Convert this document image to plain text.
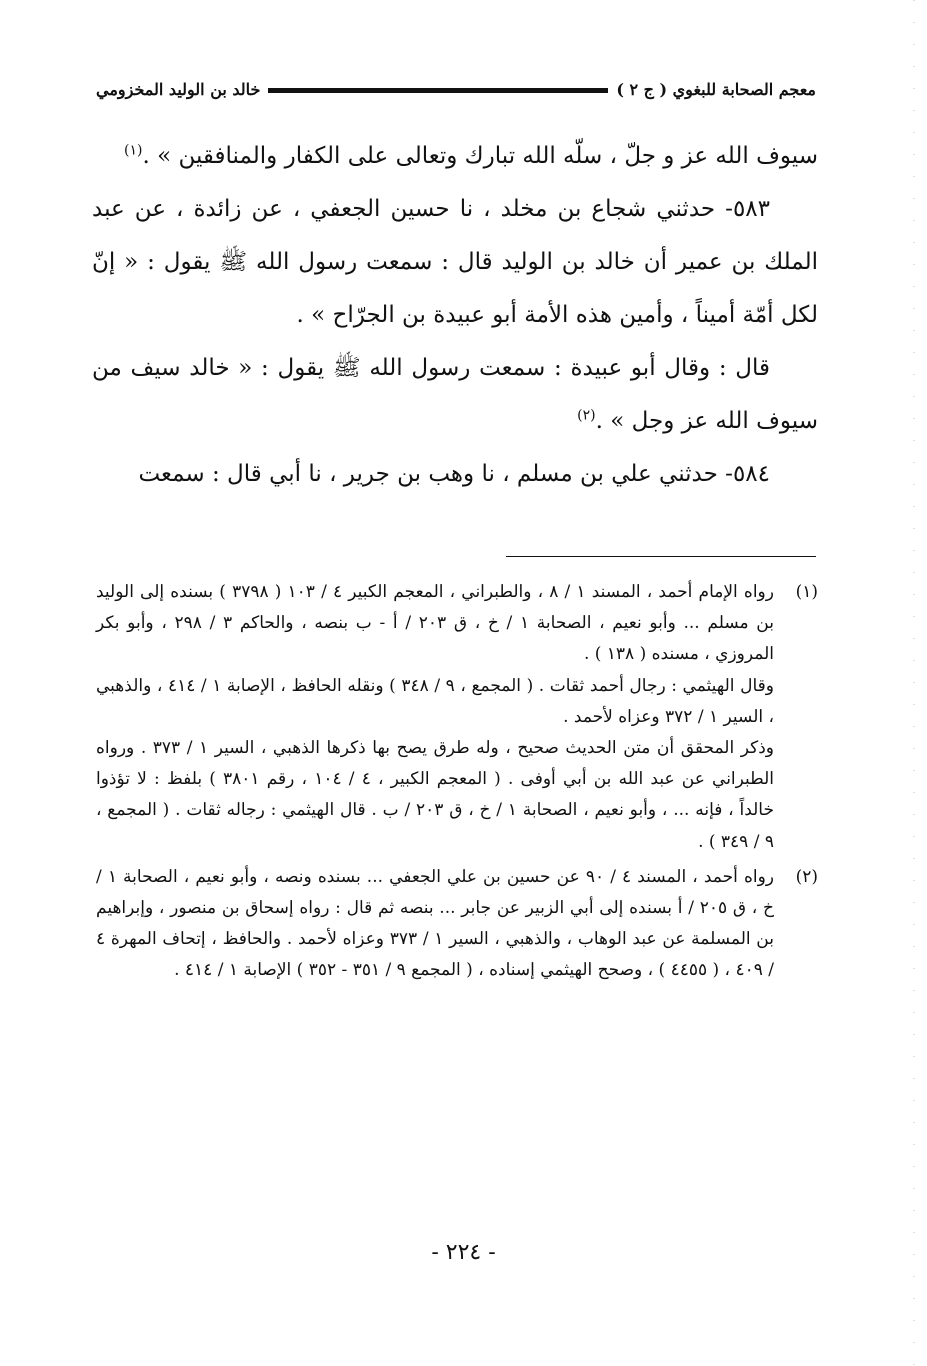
معجم الصحابة للبغوي ( ج ٢ )
خالد بن الوليد المخزومي

سيوف الله عز و جلّ ، سلّه الله تبارك وتعالى على الكفار والمنافقين » .$^{(١)}$

٥٨٣- حدثني شجاع بن مخلد ، نا حسين الجعفي ، عن زائدة ، عن عبد الملك بن عمير أن خالد بن الوليد قال : سمعت رسول الله ﷺ يقول : « إنّ لكل أمّة أميناً ، وأمين هذه الأمة أبو عبيدة بن الجرّاح » .

قال : وقال أبو عبيدة : سمعت رسول الله ﷺ يقول : « خالد سيف من سيوف الله عز وجل » .$^{(٢)}$

٥٨٤- حدثني علي بن مسلم ، نا وهب بن جرير ، نا أبي قال : سمعت

(١)

رواه الإمام أحمد ، المسند ١ / ٨ ، والطبراني ، المعجم الكبير ٤ / ١٠٣ ( ٣٧٩٨ ) بسنده إلى الوليد بن مسلم ... وأبو نعيم ، الصحابة ١ / خ ، ق ٢٠٣ / أ - ب بنصه ، والحاكم ٣ / ٢٩٨ ، وأبو بكر المروزي ، مسنده ( ١٣٨ ) .

وقال الهيثمي : رجال أحمد ثقات . ( المجمع ، ٩ / ٣٤٨ ) ونقله الحافظ ، الإصابة ١ / ٤١٤ ، والذهبي ، السير ١ / ٣٧٢ وعزاه لأحمد .

وذكر المحقق أن متن الحديث صحيح ، وله طرق يصح بها ذكرها الذهبي ، السير ١ / ٣٧٣ . ورواه الطبراني عن عبد الله بن أبي أوفى . ( المعجم الكبير ، ٤ / ١٠٤ ، رقم ٣٨٠١ ) بلفظ : لا تؤذوا خالداً ، فإنه ... ، وأبو نعيم ، الصحابة ١ / خ ، ق ٢٠٣ / ب . قال الهيثمي : رجاله ثقات . ( المجمع ، ٩ / ٣٤٩ ) .

(٢)

رواه أحمد ، المسند ٤ / ٩٠ عن حسين بن علي الجعفي ... بسنده ونصه ، وأبو نعيم ، الصحابة ١ / خ ، ق ٢٠٥ / أ بسنده إلى أبي الزبير عن جابر ... بنصه ثم قال : رواه إسحاق بن منصور ، وإبراهيم بن المسلمة عن عبد الوهاب ، والذهبي ، السير ١ / ٣٧٣ وعزاه لأحمد . والحافظ ، إتحاف المهرة ٤ / ٤٠٩ ، ( ٤٤٥٥ ) ، وصحح الهيثمي إسناده ، ( المجمع ٩ / ٣٥١ - ٣٥٢ ) الإصابة ١ / ٤١٤ .

- ٢٢٤ -
